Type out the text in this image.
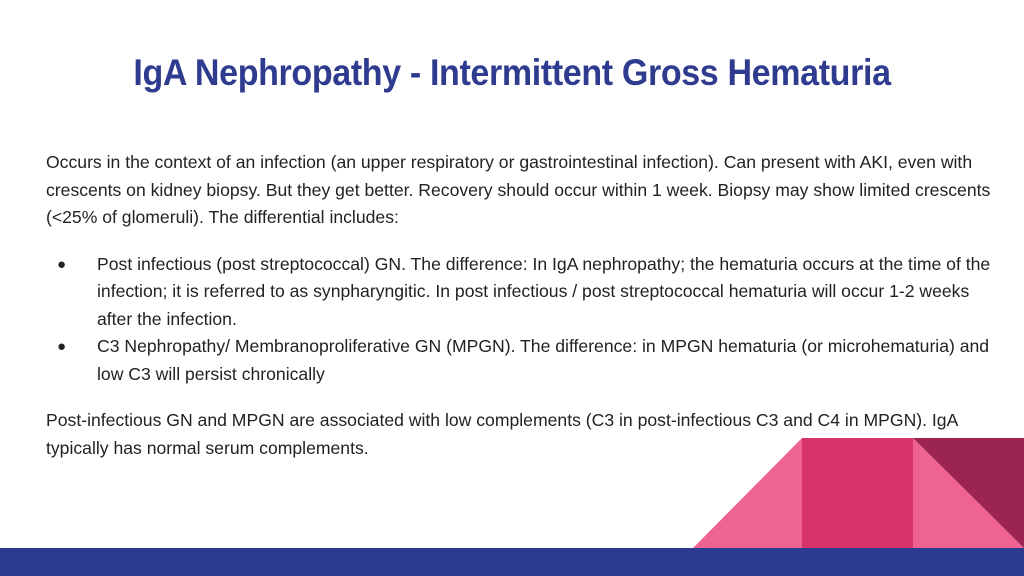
IgA Nephropathy - Intermittent Gross Hematuria

Occurs in the context of an infection (an upper respiratory or gastrointestinal infection). Can present with AKI, even with crescents on kidney biopsy. But they get better. Recovery should occur within 1 week. Biopsy may show limited crescents (<25% of glomeruli). The differential includes:

● Post infectious (post streptococcal) GN. The difference: In IgA nephropathy; the hematuria occurs at the time of the infection; it is referred to as synpharyngitic. In post infectious / post streptococcal hematuria will occur 1-2 weeks after the infection.
● C3 Nephropathy/ Membranoproliferative GN (MPGN). The difference: in MPGN hematuria (or microhematuria) and low C3 will persist chronically

Post-infectious GN and MPGN are associated with low complements (C3 in post-infectious C3 and C4 in MPGN). IgA typically has normal serum complements.
